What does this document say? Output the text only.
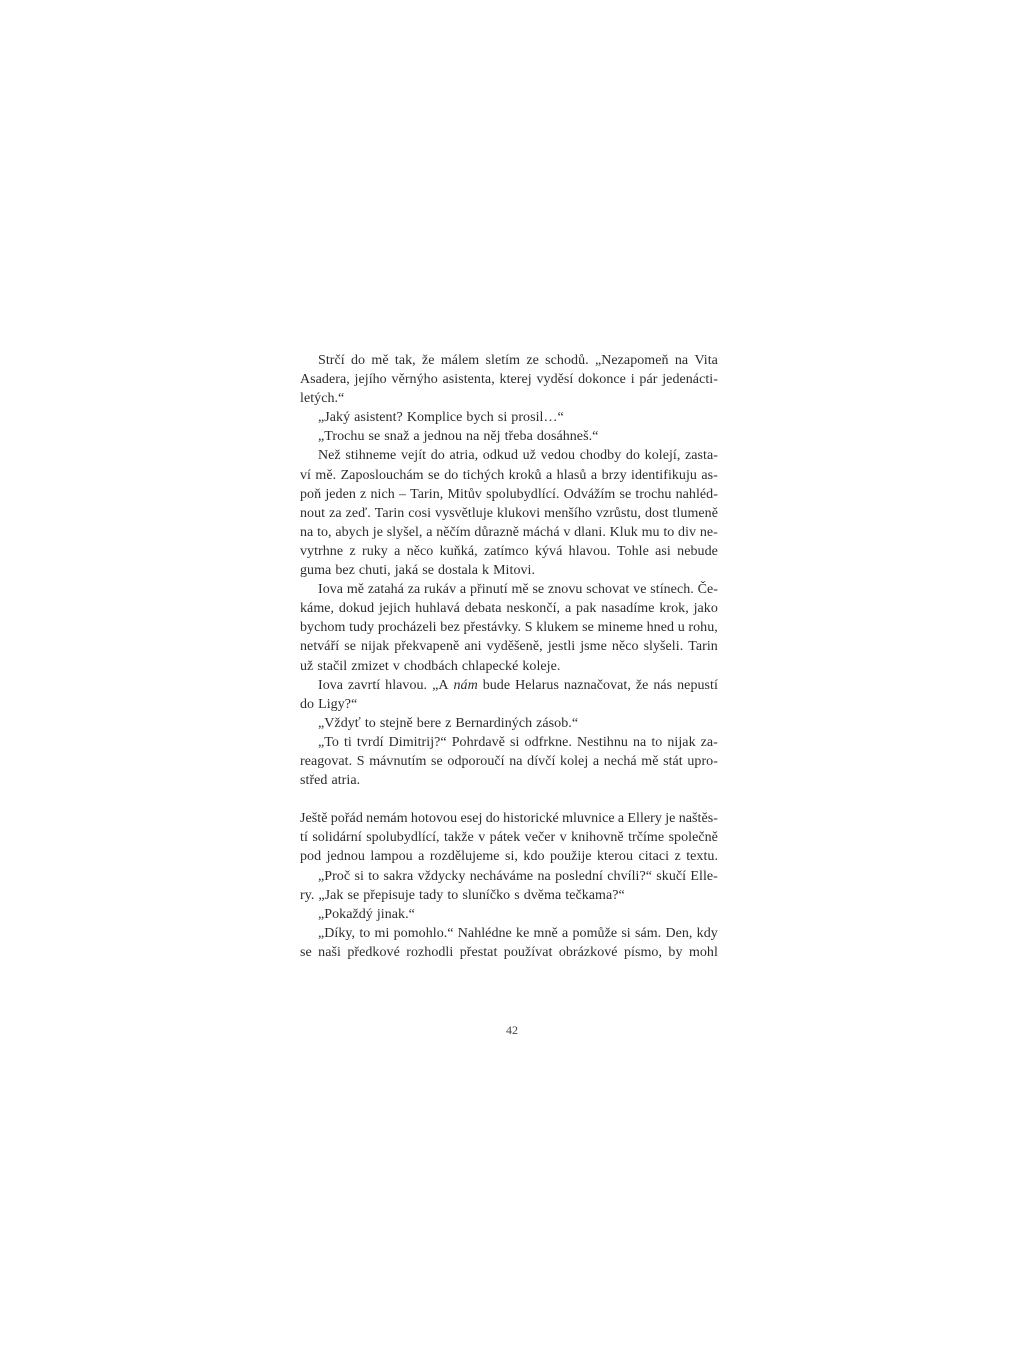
Strčí do mě tak, že málem sletím ze schodů. „Nezapomeň na Vita
Asadera, jejího věrnýho asistenta, kterej vyděsí dokonce i pár jedenácti-
letých.“
„Jaký asistent? Komplice bych si prosil…“
„Trochu se snaž a jednou na něj třeba dosáhneš.“
Než stihneme vejít do atria, odkud už vedou chodby do kolejí, zasta-
ví mě. Zaposlouchám se do tichých kroků a hlasů a brzy identifikuju as-
poň jeden z nich – Tarin, Mitův spolubydlící. Odvážím se trochu nahléd-
nout za zeď. Tarin cosi vysvětluje klukovi menšího vzrůstu, dost tlumeně
na to, abych je slyšel, a něčím důrazně máchá v dlani. Kluk mu to div ne-
vytrhne z ruky a něco kuňká, zatímco kývá hlavou. Tohle asi nebude
guma bez chuti, jaká se dostala k Mitovi.
Iova mě zatahá za rukáv a přinutí mě se znovu schovat ve stínech. Če-
káme, dokud jejich huhlavá debata neskončí, a pak nasadíme krok, jako
bychom tudy procházeli bez přestávky. S klukem se mineme hned u rohu,
netváří se nijak překvapeně ani vyděšeně, jestli jsme něco slyšeli. Tarin
už stačil zmizet v chodbách chlapecké koleje.
Iova zavrtí hlavou. „A nám bude Helarus naznačovat, že nás nepustí
do Ligy?“
„Vždyť to stejně bere z Bernardiných zásob.“
„To ti tvrdí Dimitrij?“ Pohrdavě si odfrkne. Nestihnu na to nijak za-
reagovat. S mávnutím se odporoučí na dívčí kolej a nechá mě stát upro-
střed atria.
Ještě pořád nemám hotovou esej do historické mluvnice a Ellery je naštěs-
tí solidární spolubydlící, takže v pátek večer v knihovně trčíme společně
pod jednou lampou a rozdělujeme si, kdo použije kterou citaci z textu.
„Proč si to sakra vždycky necháváme na poslední chvíli?“ skučí Elle-
ry. „Jak se přepisuje tady to sluníčko s dvěma tečkama?“
„Pokaždý jinak.“
„Díky, to mi pomohlo.“ Nahlédne ke mně a pomůže si sám. Den, kdy
se naši předkové rozhodli přestat používat obrázkové písmo, by mohl
42
